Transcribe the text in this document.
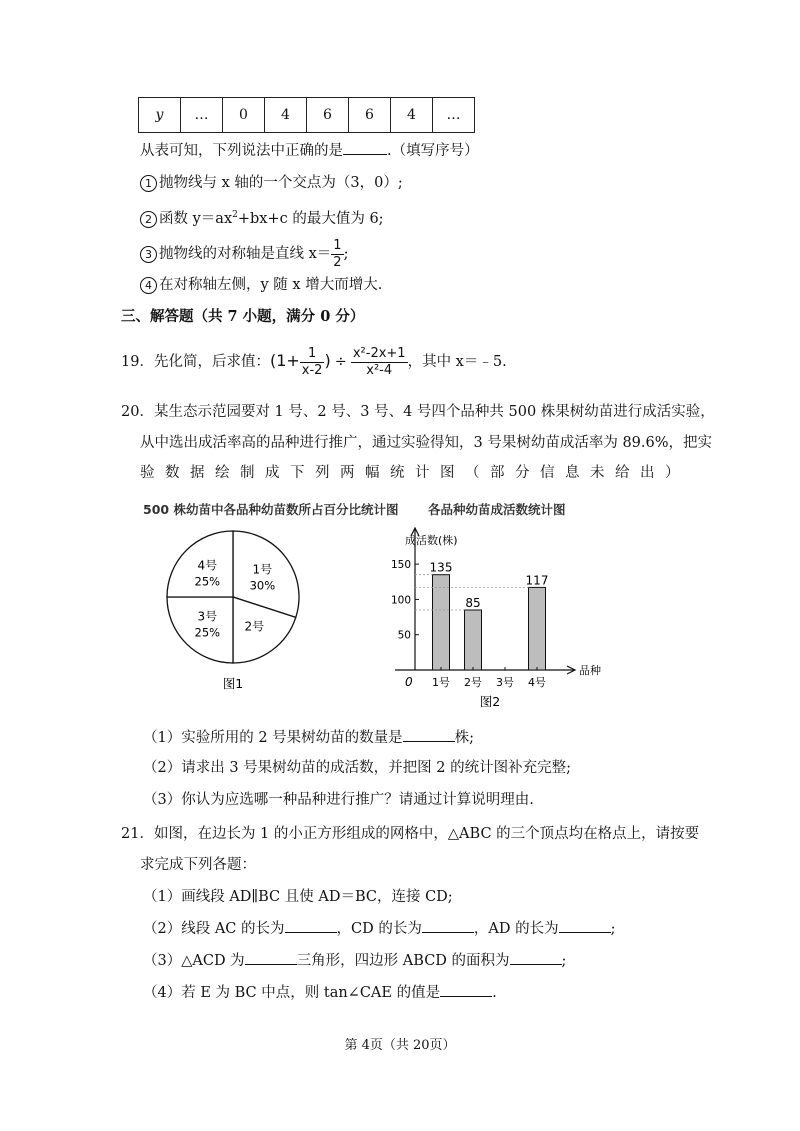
y	…	0	4	6	6	4	…
从表可知，下列说法中正确的是	.（填写序号）
1 抛物线与 x 轴的一个交点为（3，0）;
2 函数 $y=ax^2+bx+c$ 的最大值为 6;
3 抛物线的对称轴是直线 $x= \frac{1}{2}$ ;
4 在对称轴左侧，y 随 x 增大而增大.
三、解答题（共 7 小题，满分 0 分）
19．先化简，后求值：($1+ \frac{1}{x-2}$ ) ÷ $\frac{\text{x²-2x+1}}{\text{x²-4}}$ ，其中 x＝﹣5.
20．某生态示范园要对 1 号、2 号、3 号、4 号四个品种共 500 株果树幼苗进行成活实验，
从中选出成活率高的品种进行推广，通过实验得知，3 号果树幼苗成活率为 89.6%，把实
验数据绘制成下列两幅统计图（部分信息未给出）
500 株幼苗中各品种幼苗数所占百分比统计图 各品种幼苗成活数统计图
1号
30%
2号
3号
25%
4号
25%
图1
成活数(株)
品种
0
50
100
150 135
1号
85
2号 3号
117
4号
图2
（1）实验所用的 2 号果树幼苗的数量是	株;
（2）请求出 3 号果树幼苗的成活数，并把图 2 的统计图补充完整;
（3）你认为应选哪一种品种进行推广？请通过计算说明理由.
21．如图，在边长为 1 的小正方形组成的网格中，△ABC 的三个顶点均在格点上，请按要
求完成下列各题：
（1）画线段 AD∥BC 且使 AD＝BC，连接 CD;
（2）线段 AC 的长为	，CD 的长为	，AD 的长为	;
（3）△ACD 为	三角形，四边形 ABCD 的面积为	;
（4）若 E 为 BC 中点，则 tan∠CAE 的值是	.
第 4页（共 20页）
